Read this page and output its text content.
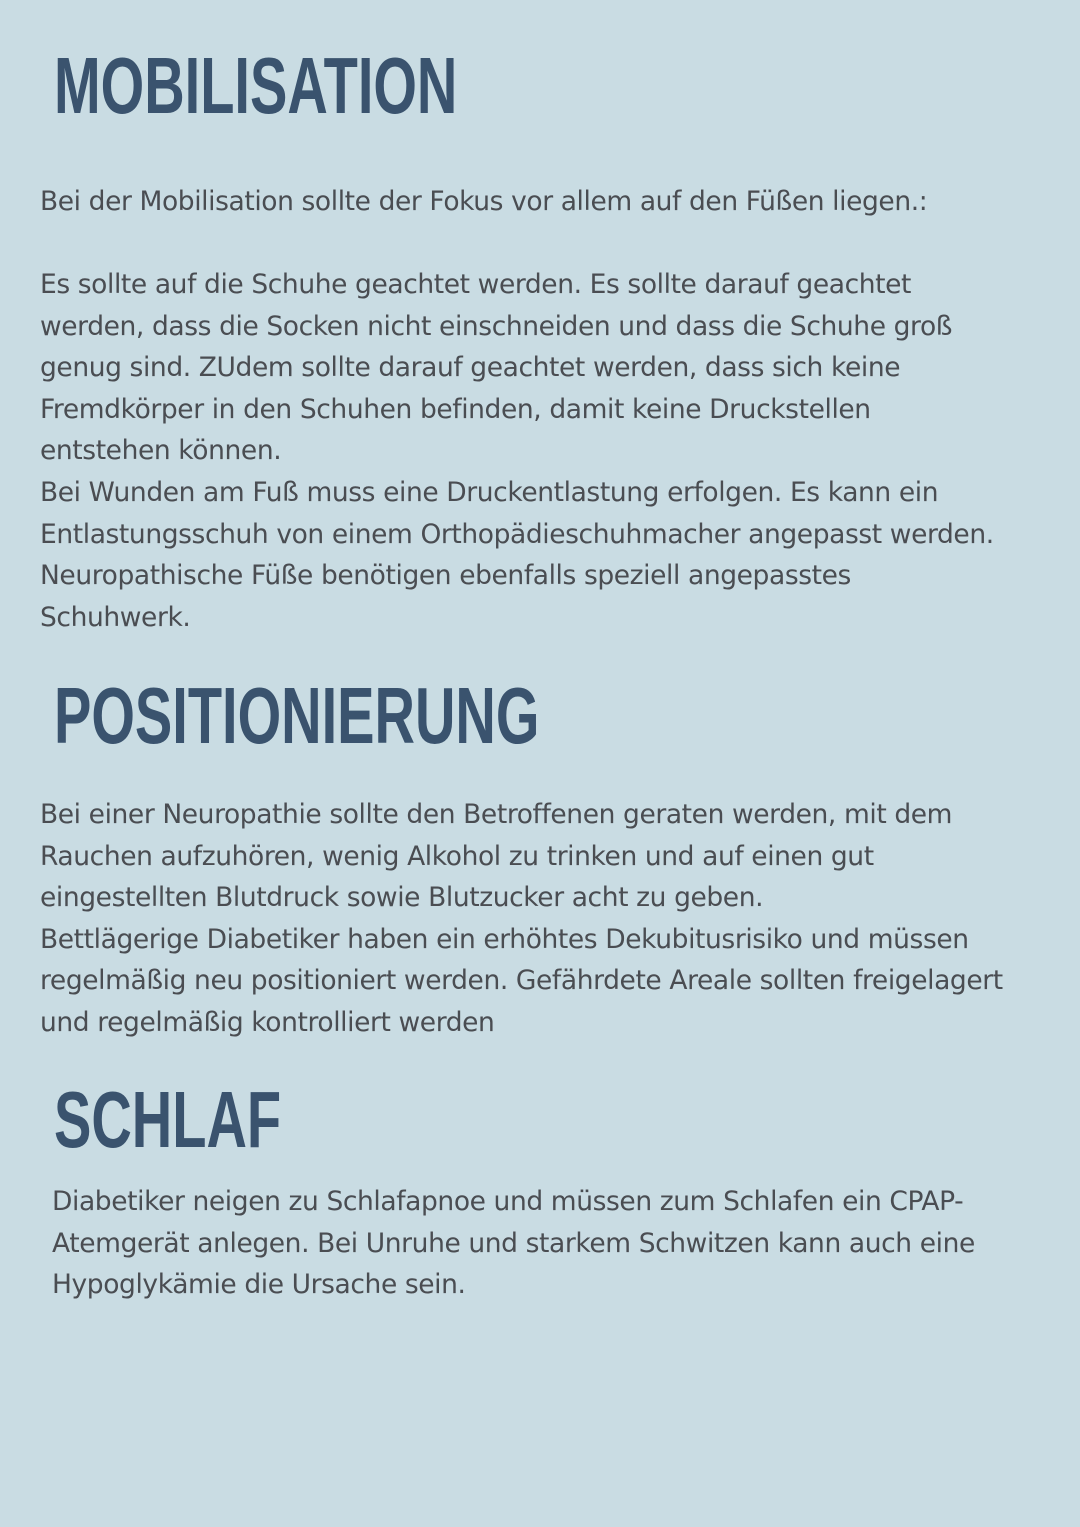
MOBILISATION

Bei der Mobilisation sollte der Fokus vor allem auf den Füßen liegen.:

Es sollte auf die Schuhe geachtet werden. Es sollte darauf geachtet
werden, dass die Socken nicht einschneiden und dass die Schuhe groß
genug sind. ZUdem sollte darauf geachtet werden, dass sich keine
Fremdkörper in den Schuhen befinden, damit keine Druckstellen
entstehen können.
Bei Wunden am Fuß muss eine Druckentlastung erfolgen. Es kann ein
Entlastungsschuh von einem Orthopädieschuhmacher angepasst werden.
Neuropathische Füße benötigen ebenfalls speziell angepasstes
Schuhwerk.

POSITIONIERUNG

Bei einer Neuropathie sollte den Betroffenen geraten werden, mit dem
Rauchen aufzuhören, wenig Alkohol zu trinken und auf einen gut
eingestellten Blutdruck sowie Blutzucker acht zu geben.
Bettlägerige Diabetiker haben ein erhöhtes Dekubitusrisiko und müssen
regelmäßig neu positioniert werden. Gefährdete Areale sollten freigelagert
und regelmäßig kontrolliert werden

SCHLAF

Diabetiker neigen zu Schlafapnoe und müssen zum Schlafen ein CPAP-
Atemgerät anlegen. Bei Unruhe und starkem Schwitzen kann auch eine
Hypoglykämie die Ursache sein.
